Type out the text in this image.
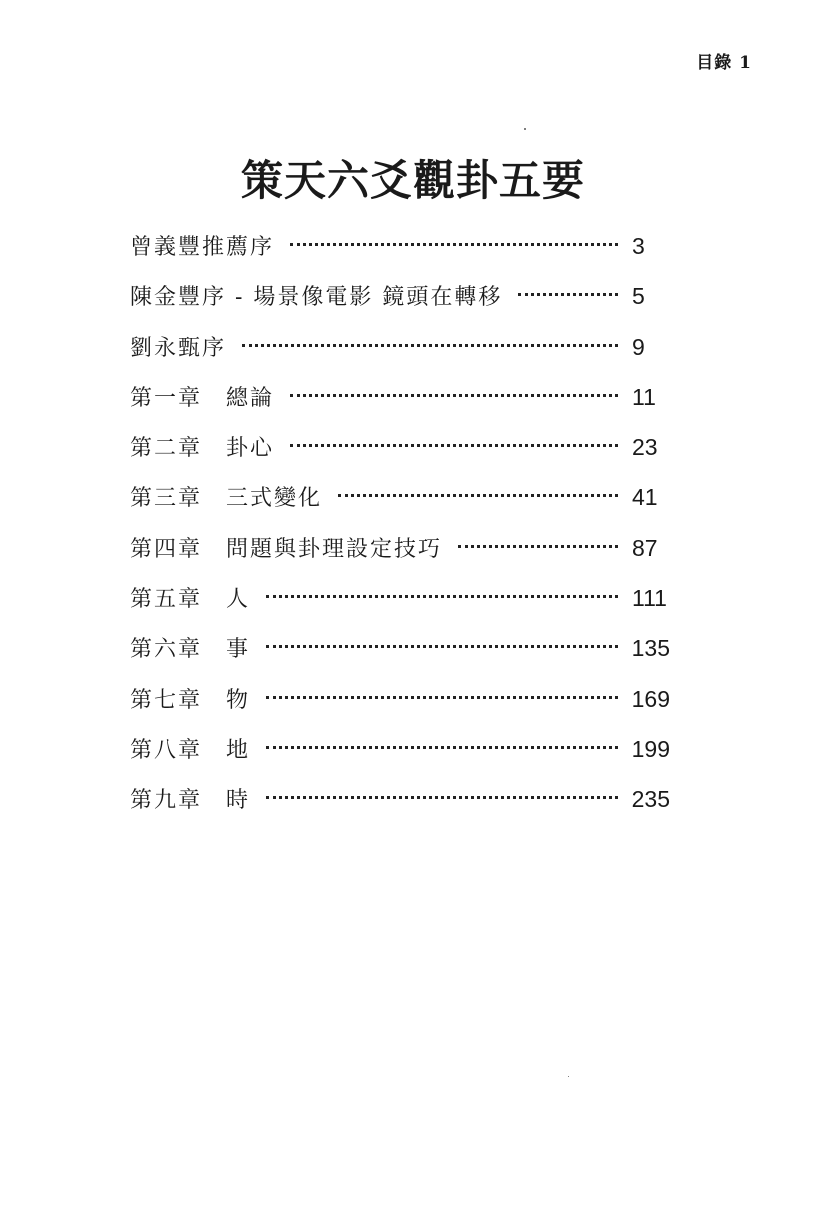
目錄 1
策天六爻觀卦五要
曾義豐推薦序	3
陳金豐序 - 場景像電影 鏡頭在轉移	5
劉永甄序	9
第一章 總論	11
第二章 卦心	23
第三章 三式變化	41
第四章 問題與卦理設定技巧	87
第五章 人	111
第六章 事	135
第七章 物	169
第八章 地	199
第九章 時	235
